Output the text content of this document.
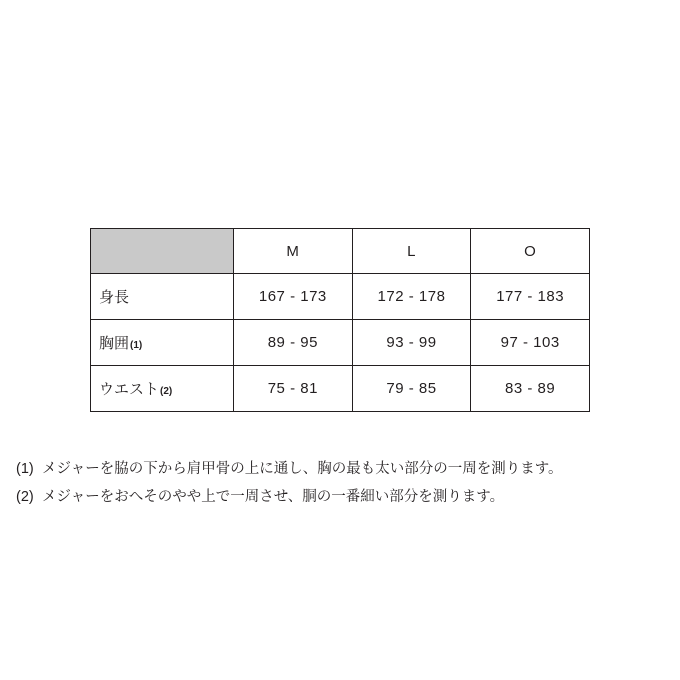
	M	L	O
身長	167 - 173	172 - 178	177 - 183
胸囲(1)	89 - 95	93 - 99	97 - 103
ウエスト(2)	75 - 81	79 - 85	83 - 89
(1) メジャーを脇の下から肩甲骨の上に通し、胸の最も太い部分の一周を測ります。
(2) メジャーをおへそのやや上で一周させ、胴の一番細い部分を測ります。
